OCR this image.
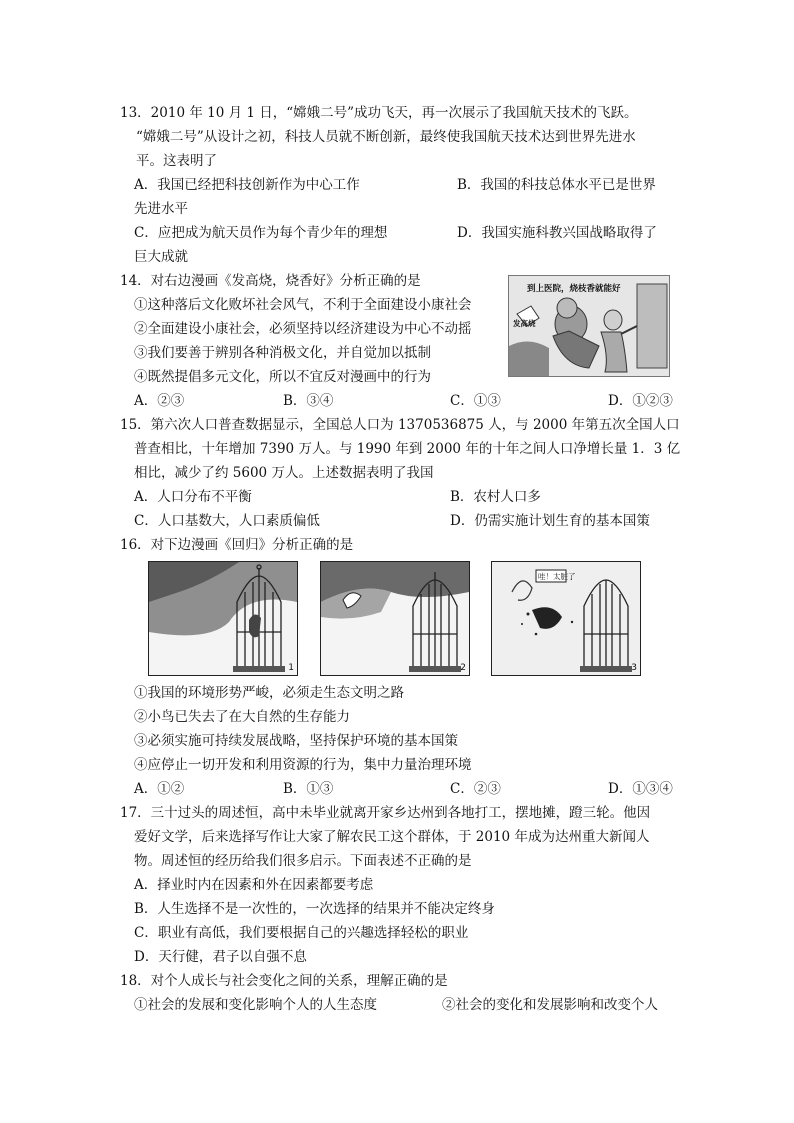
13．2010 年 10 月 1 日，“嫦娥二号”成功飞天，再一次展示了我国航天技术的飞跃。
“嫦娥二号”从设计之初，科技人员就不断创新，最终使我国航天技术达到世界先进水
平。这表明了
A．我国已经把科技创新作为中心工作	B．我国的科技总体水平已是世界
先进水平
C．应把成为航天员作为每个青少年的理想	D．我国实施科教兴国战略取得了
巨大成就
14．对右边漫画《发高烧，烧香好》分析正确的是
①这种落后文化败坏社会风气，不利于全面建设小康社会
②全面建设小康社会，必须坚持以经济建设为中心不动摇
③我们要善于辨别各种消极文化，并自觉加以抵制
④既然提倡多元文化，所以不宜反对漫画中的行为
A．②③	B．③④	C．①③	D．①②③
到上医院，烧枝香就能好
发高烧
15．第六次人口普查数据显示，全国总人口为 1370536875 人，与 2000 年第五次全国人口
普查相比，十年增加 7390 万人。与 1990 年到 2000 年的十年之间人口净增长量 1．3 亿
相比，减少了约 5600 万人。上述数据表明了我国
A．人口分布不平衡	B．农村人口多
C．人口基数大，人口素质偏低	D．仍需实施计划生育的基本国策
16．对下边漫画《回归》分析正确的是
1	2
哇！太脏了
3
①我国的环境形势严峻，必须走生态文明之路
②小鸟已失去了在大自然的生存能力
③必须实施可持续发展战略，坚持保护环境的基本国策
④应停止一切开发和利用资源的行为，集中力量治理环境
A．①②	B．①③	C．②③	D．①③④
17．三十过头的周述恒，高中未毕业就离开家乡达州到各地打工，摆地摊，蹬三轮。他因
爱好文学，后来选择写作让大家了解农民工这个群体，于 2010 年成为达州重大新闻人
物。周述恒的经历给我们很多启示。下面表述不正确的是
A．择业时内在因素和外在因素都要考虑
B．人生选择不是一次性的，一次选择的结果并不能决定终身
C．职业有高低，我们要根据自己的兴趣选择轻松的职业
D．天行健，君子以自强不息
18．对个人成长与社会变化之间的关系，理解正确的是
①社会的发展和变化影响个人的人生态度	②社会的变化和发展影响和改变个人
